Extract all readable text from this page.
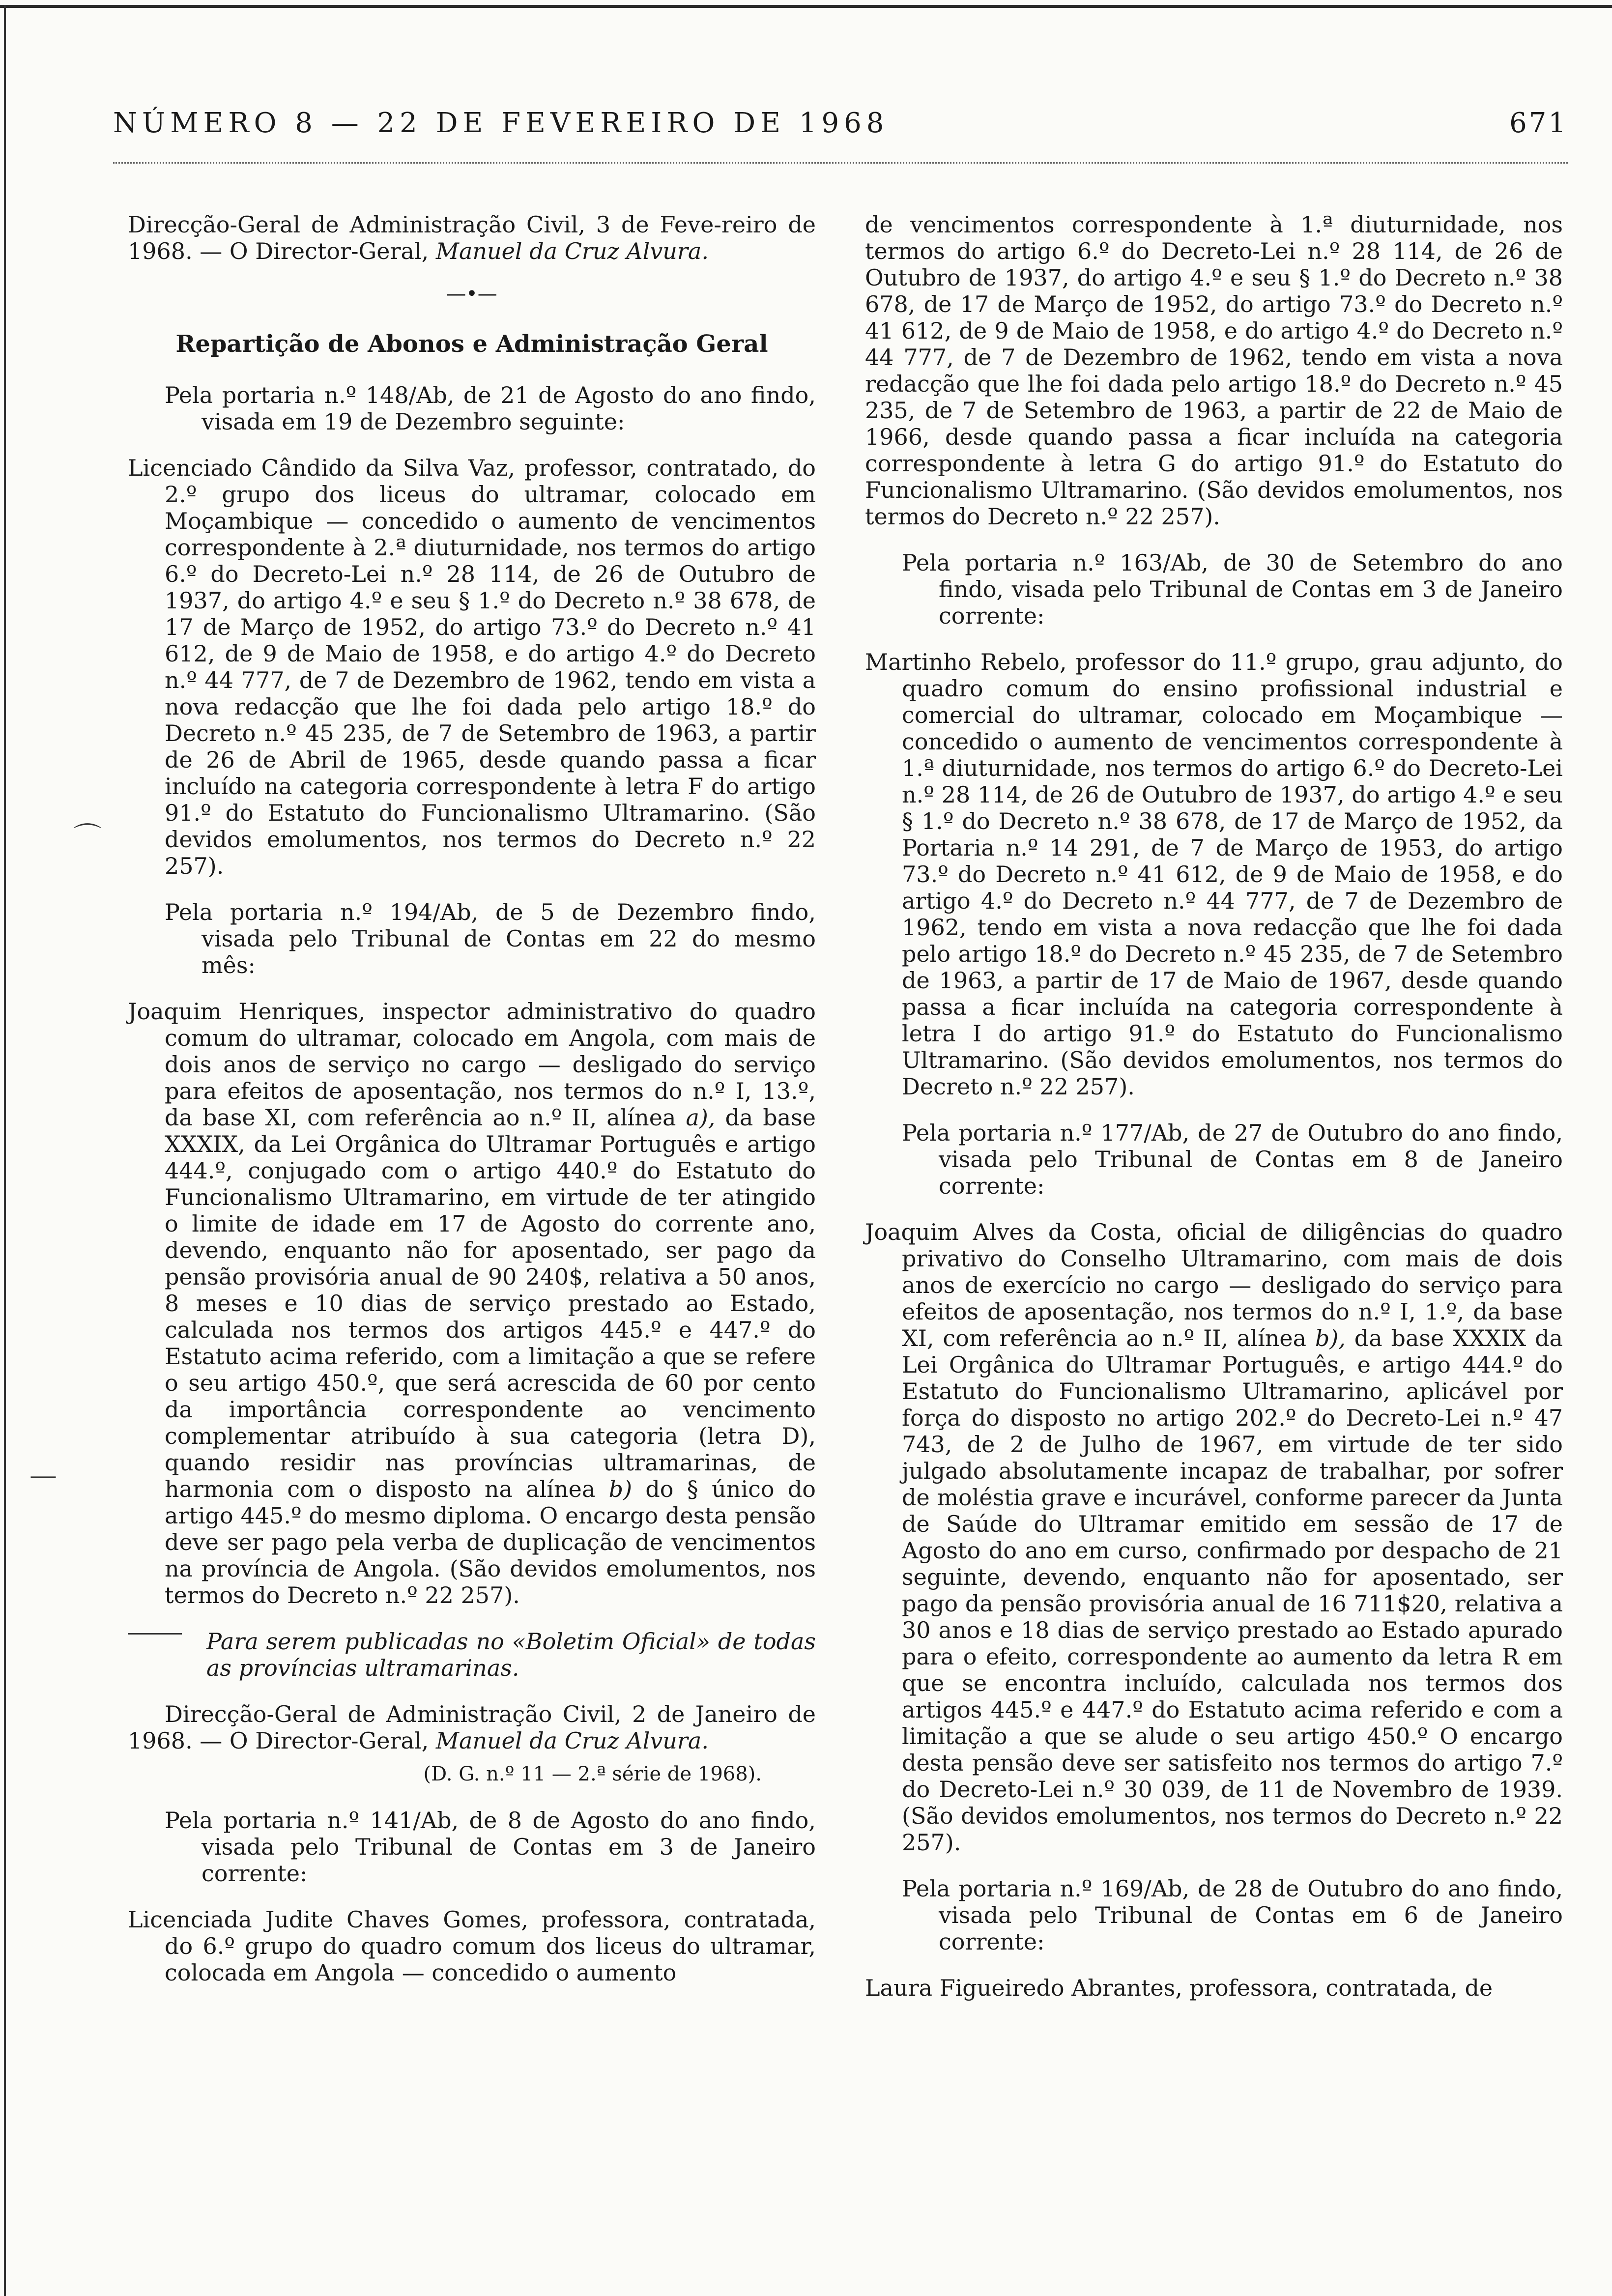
NÚMERO 8 — 22 DE FEVEREIRO DE 1968	671
⌒
—

Direcção-Geral de Administração Civil, 3 de Feve-reiro de 1968. — O Director-Geral, Manuel da Cruz Alvura.

—•—
Repartição de Abonos e Administração Geral

Pela portaria n.º 148/Ab, de 21 de Agosto do ano findo, visada em 19 de Dezembro seguinte:

Licenciado Cândido da Silva Vaz, professor, contratado, do 2.º grupo dos liceus do ultramar, colocado em Moçambique — concedido o aumento de vencimentos correspondente à 2.ª diuturnidade, nos termos do artigo 6.º do Decreto-Lei n.º 28 114, de 26 de Outubro de 1937, do artigo 4.º e seu § 1.º do Decreto n.º 38 678, de 17 de Março de 1952, do artigo 73.º do Decreto n.º 41 612, de 9 de Maio de 1958, e do artigo 4.º do Decreto n.º 44 777, de 7 de Dezembro de 1962, tendo em vista a nova redacção que lhe foi dada pelo artigo 18.º do Decreto n.º 45 235, de 7 de Setembro de 1963, a partir de 26 de Abril de 1965, desde quando passa a ficar incluído na categoria correspondente à letra F do artigo 91.º do Estatuto do Funcionalismo Ultramarino. (São devidos emolumentos, nos termos do Decreto n.º 22 257).

Pela portaria n.º 194/Ab, de 5 de Dezembro findo, visada pelo Tribunal de Contas em 22 do mesmo mês:

Joaquim Henriques, inspector administrativo do quadro comum do ultramar, colocado em Angola, com mais de dois anos de serviço no cargo — desligado do serviço para efeitos de aposentação, nos termos do n.º I, 13.º, da base XI, com referência ao n.º II, alínea a), da base XXXIX, da Lei Orgânica do Ultramar Português e artigo 444.º, conjugado com o artigo 440.º do Estatuto do Funcionalismo Ultramarino, em virtude de ter atingido o limite de idade em 17 de Agosto do corrente ano, devendo, enquanto não for aposentado, ser pago da pensão provisória anual de 90 240$, relativa a 50 anos, 8 meses e 10 dias de serviço prestado ao Estado, calculada nos termos dos artigos 445.º e 447.º do Estatuto acima referido, com a limitação a que se refere o seu artigo 450.º, que será acrescida de 60 por cento da importância correspondente ao vencimento complementar atribuído à sua categoria (letra D), quando residir nas províncias ultramarinas, de harmonia com o disposto na alínea b) do § único do artigo 445.º do mesmo diploma. O encargo desta pensão deve ser pago pela verba de duplicação de vencimentos na província de Angola. (São devidos emolumentos, nos termos do Decreto n.º 22 257).

Para serem publicadas no «Boletim Oficial» de todas as províncias ultramarinas.

Direcção-Geral de Administração Civil, 2 de Janeiro de 1968. — O Director-Geral, Manuel da Cruz Alvura.

(D. G. n.º 11 — 2.ª série de 1968).

Pela portaria n.º 141/Ab, de 8 de Agosto do ano findo, visada pelo Tribunal de Contas em 3 de Janeiro corrente:

Licenciada Judite Chaves Gomes, professora, contratada, do 6.º grupo do quadro comum dos liceus do ultramar, colocada em Angola — concedido o aumento

de vencimentos correspondente à 1.ª diuturnidade, nos termos do artigo 6.º do Decreto-Lei n.º 28 114, de 26 de Outubro de 1937, do artigo 4.º e seu § 1.º do Decreto n.º 38 678, de 17 de Março de 1952, do artigo 73.º do Decreto n.º 41 612, de 9 de Maio de 1958, e do artigo 4.º do Decreto n.º 44 777, de 7 de Dezembro de 1962, tendo em vista a nova redacção que lhe foi dada pelo artigo 18.º do Decreto n.º 45 235, de 7 de Setembro de 1963, a partir de 22 de Maio de 1966, desde quando passa a ficar incluída na categoria correspondente à letra G do artigo 91.º do Estatuto do Funcionalismo Ultramarino. (São devidos emolumentos, nos termos do Decreto n.º 22 257).

Pela portaria n.º 163/Ab, de 30 de Setembro do ano findo, visada pelo Tribunal de Contas em 3 de Janeiro corrente:

Martinho Rebelo, professor do 11.º grupo, grau adjunto, do quadro comum do ensino profissional industrial e comercial do ultramar, colocado em Moçambique — concedido o aumento de vencimentos correspondente à 1.ª diuturnidade, nos termos do artigo 6.º do Decreto-Lei n.º 28 114, de 26 de Outubro de 1937, do artigo 4.º e seu § 1.º do Decreto n.º 38 678, de 17 de Março de 1952, da Portaria n.º 14 291, de 7 de Março de 1953, do artigo 73.º do Decreto n.º 41 612, de 9 de Maio de 1958, e do artigo 4.º do Decreto n.º 44 777, de 7 de Dezembro de 1962, tendo em vista a nova redacção que lhe foi dada pelo artigo 18.º do Decreto n.º 45 235, de 7 de Setembro de 1963, a partir de 17 de Maio de 1967, desde quando passa a ficar incluída na categoria correspondente à letra I do artigo 91.º do Estatuto do Funcionalismo Ultramarino. (São devidos emolumentos, nos termos do Decreto n.º 22 257).

Pela portaria n.º 177/Ab, de 27 de Outubro do ano findo, visada pelo Tribunal de Contas em 8 de Janeiro corrente:

Joaquim Alves da Costa, oficial de diligências do quadro privativo do Conselho Ultramarino, com mais de dois anos de exercício no cargo — desligado do serviço para efeitos de aposentação, nos termos do n.º I, 1.º, da base XI, com referência ao n.º II, alínea b), da base XXXIX da Lei Orgânica do Ultramar Português, e artigo 444.º do Estatuto do Funcionalismo Ultramarino, aplicável por força do disposto no artigo 202.º do Decreto-Lei n.º 47 743, de 2 de Julho de 1967, em virtude de ter sido julgado absolutamente incapaz de trabalhar, por sofrer de moléstia grave e incurável, conforme parecer da Junta de Saúde do Ultramar emitido em sessão de 17 de Agosto do ano em curso, confirmado por despacho de 21 seguinte, devendo, enquanto não for aposentado, ser pago da pensão provisória anual de 16 711$20, relativa a 30 anos e 18 dias de serviço prestado ao Estado apurado para o efeito, correspondente ao aumento da letra R em que se encontra incluído, calculada nos termos dos artigos 445.º e 447.º do Estatuto acima referido e com a limitação a que se alude o seu artigo 450.º O encargo desta pensão deve ser satisfeito nos termos do artigo 7.º do Decreto-Lei n.º 30 039, de 11 de Novembro de 1939. (São devidos emolumentos, nos termos do Decreto n.º 22 257).

Pela portaria n.º 169/Ab, de 28 de Outubro do ano findo, visada pelo Tribunal de Contas em 6 de Janeiro corrente:

Laura Figueiredo Abrantes, professora, contratada, de
